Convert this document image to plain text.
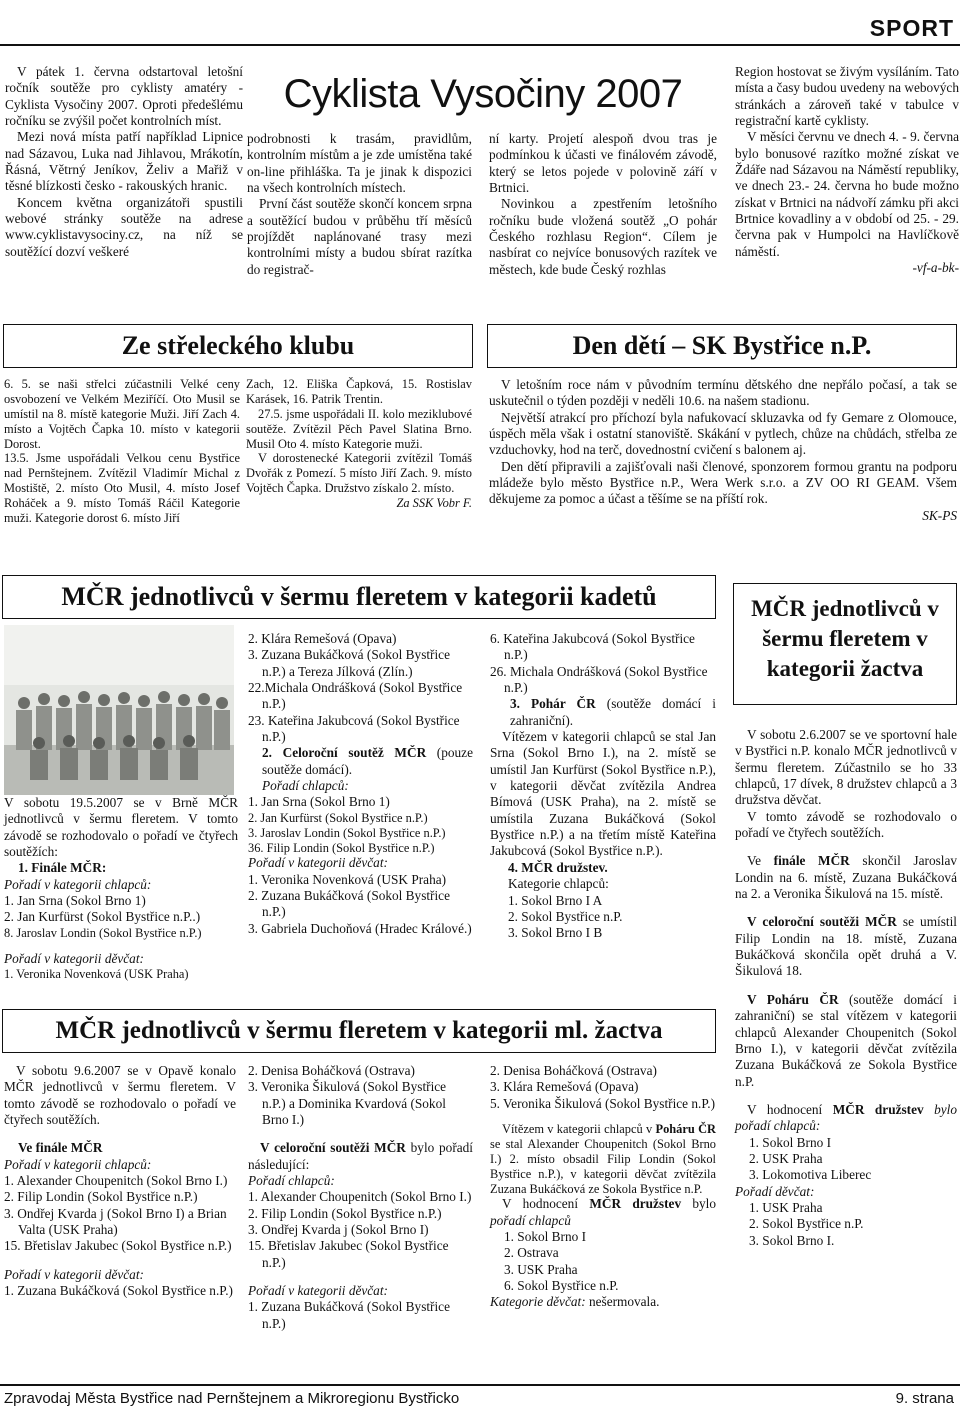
SPORT
Cyklista Vysočiny 2007

V pátek 1. června odstartoval letošní ročník soutěže pro cyklisty amatéry - Cyklista Vysočiny 2007. Oproti předešlému ročníku se zvýšil počet kontrolních míst.

Mezi nová místa patří například Lipnice nad Sázavou, Luka nad Jihlavou, Mrákotín, Řásná, Větrný Jeníkov, Želiv a Mařiž v těsné blízkosti česko - rakouských hranic.

Koncem května organizátoři spustili webové stránky soutěže na adrese www.cyklistavysociny.cz, na níž se soutěžící dozví veškeré

podrobnosti k trasám, pravidlům, kontrolním místům a je zde umístěna také on-line přihláška. Ta je jinak k dispozici na všech kontrolních místech.

První část soutěže skončí koncem srpna a soutěžící budou v průběhu tří měsíců projíždět naplánované trasy mezi kontrolními místy a budou sbírat razítka do registrač-

ní karty. Projetí alespoň dvou tras je podmínkou k účasti ve finálovém závodě, který se letos pojede v polovině září v Brtnici.

Novinkou a zpestřením letošního ročníku bude vložená soutěž „O pohár Českého rozhlasu Region“. Cílem je nasbírat co nejvíce bonusových razítek ve městech, kde bude Český rozhlas

Region hostovat se živým vysíláním. Tato místa a časy budou uvedeny na webových stránkách a zároveň také v tabulce v registrační kartě cyklisty.

V měsíci červnu ve dnech 4. - 9. června bylo bonusové razítko možné získat ve Ždáře nad Sázavou na Náměstí republiky, ve dnech 23.- 24. června ho bude možno získat v Brtnici na nádvoří zámku při akci Brtnice kovadliny a v období od 25. - 29. června pak v Humpolci na Havlíčkově náměstí.

-vf-a-bk-

Ze střeleckého klubu

6. 5. se naši střelci zúčastnili Velké ceny osvobození ve Velkém Meziříčí. Oto Musil se umístil na 8. místě kategorie Muži. Jiří Zach 4. místo a Vojtěch Čapka 10. místo v kategorii Dorost.

13.5. Jsme uspořádali Velkou cenu Bystřice nad Pernštejnem. Zvítězil Vladimír Michal z Mostiště, 2. místo Oto Musil, 4. místo Josef Roháček a 9. místo Tomáš Ráčil Kategorie muži. Kategorie dorost 6. místo Jiří

Zach, 12. Eliška Čapková, 15. Rostislav Karásek, 16. Patrik Trentin.

27.5. jsme uspořádali II. kolo meziklubové soutěže. Zvítězil Pěch Pavel Slatina Brno. Musil Oto 4. místo Kategorie muži.

V dorostenecké Kategorii zvítězil Tomáš Dvořák z Pomezí. 5 místo Jiří Zach. 9. místo Vojtěch Čapka. Družstvo získalo 2. místo.

Za SSK Vobr F.

Den dětí – SK Bystřice n.P.

V letošním roce nám v původním termínu dětského dne nepřálo počasí, a tak se uskutečnil o týden později v neděli 10.6. na našem stadionu.

Největší atrakcí pro příchozí byla nafukovací skluzavka od fy Gemare z Olomouce, úspěch měla však i ostatní stanoviště. Skákání v pytlech, chůze na chůdách, střelba ze vzduchovky, hod na terč, dovednostní cvičení s balonem aj.

Den dětí připravili a zajišťovali naši členové, sponzorem formou grantu na podporu mládeže bylo město Bystřice n.P., Wera Werk s.r.o. a ZV OO RI GEAM. Všem děkujeme za pomoc a účast a těšíme se na příští rok.

SK-PS

MČR jednotlivců v šermu fleretem v kategorii kadetů

V sobotu 19.5.2007 se v Brně MČR jednotlivců v šermu fleretem. V tomto závodě se rozhodovalo o pořadí ve čtyřech soutěžích:

1. Finále MČR:

Pořadí v kategorii chlapců:

1. Jan Srna (Sokol Brno 1)

2. Jan Kurfürst (Sokol Bystřice n.P..)

8. Jaroslav Londin (Sokol Bystřice n.P.)

Pořadí v kategorii děvčat:

1. Veronika Novenková (USK Praha)

2. Klára Remešová (Opava)

3. Zuzana Bukáčková (Sokol Bystřice n.P.) a Tereza Jílková (Zlín.)

22.Michala Ondrášková (Sokol Bystřice n.P.)

23. Kateřina Jakubcová (Sokol Bystřice n.P.)

2. Celoroční soutěž MČR (pouze soutěže domácí).

Pořadí chlapců:

1. Jan Srna (Sokol Brno 1)

2. Jan Kurfürst (Sokol Bystřice n.P.)

3. Jaroslav Londin (Sokol Bystřice n.P.)

36. Filip Londin (Sokol Bystřice n.P.)

Pořadí v kategorii děvčat:

1. Veronika Novenková (USK Praha)

2. Zuzana Bukáčková (Sokol Bystřice n.P.)

3. Gabriela Duchoňová (Hradec Králové.)

6. Kateřina Jakubcová (Sokol Bystřice n.P.)

26. Michala Ondrášková (Sokol Bystřice n.P.)

3. Pohár ČR (soutěže domácí i zahraniční).

Vítězem v kategorii chlapců se stal Jan Srna (Sokol Brno I.), na 2. místě se umístil Jan Kurfürst (Sokol Bystřice n.P.), v kategorii děvčat zvítězila Andrea Bímová (USK Praha), na 2. místě se umístila Zuzana Bukáčková (Sokol Bystřice n.P.) a na třetím místě Kateřina Jakubcová (Sokol Bystřice n.P.).

4. MČR družstev.

Kategorie chlapců:

1. Sokol Brno I A

2. Sokol Bystřice n.P.

3. Sokol Brno I B

MČR jednotlivců v šermu fleretem v kategorii žactva

V sobotu 2.6.2007 se ve sportovní hale v Bystřici n.P. konalo MČR jednotlivců v šermu fleretem. Zúčastnilo se ho 33 chlapců, 17 dívek, 8 družstev chlapců a 3 družstva děvčat.

V tomto závodě se rozhodovalo o pořadí ve čtyřech soutěžích.

Ve finále MČR skončil Jaroslav Londin na 6. místě, Zuzana Bukáčková na 2. a Veronika Šikulová na 15. místě.

V celoroční soutěži MČR se umístil Filip Londin na 18. místě, Zuzana Bukáčková skončila opět druhá a V. Šikulová 18.

V Poháru ČR (soutěže domácí i zahraniční) se stal vítězem v kategorii chlapců Alexander Choupenitch (Sokol Brno I.), v kategorii děvčat zvítězila Zuzana Bukáčková ze Sokola Bystřice n.P.

V hodnocení MČR družstev bylo pořadí chlapců:

1. Sokol Brno I

2. USK Praha

3. Lokomotiva Liberec

Pořadí děvčat:

1. USK Praha

2. Sokol Bystřice n.P.

3. Sokol Brno I.

MČR jednotlivců v šermu fleretem v kategorii ml. žactva

V sobotu 9.6.2007 se v Opavě konalo MČR jednotlivců v šermu fleretem. V tomto závodě se rozhodovalo o pořadí ve čtyřech soutěžích.

Ve finále MČR

Pořadí v kategorii chlapců:

1. Alexander Choupenitch (Sokol Brno I.)

2. Filip Londin (Sokol Bystřice n.P.)

3. Ondřej Kvarda j (Sokol Brno I) a Brian Valta (USK Praha)

15. Břetislav Jakubec (Sokol Bystřice n.P.)

Pořadí v kategorii děvčat:

1. Zuzana Bukáčková (Sokol Bystřice n.P.)

2. Denisa Boháčková (Ostrava)

3. Veronika Šikulová (Sokol Bystřice n.P.) a Dominika Kvardová (Sokol Brno I.)

V celoroční soutěži MČR bylo pořadí následující:

Pořadí chlapců:

1. Alexander Choupenitch (Sokol Brno I.)

2. Filip Londin (Sokol Bystřice n.P.)

3. Ondřej Kvarda j (Sokol Brno I)

15. Břetislav Jakubec (Sokol Bystřice n.P.)

Pořadí v kategorii děvčat:

1. Zuzana Bukáčková (Sokol Bystřice n.P.)

2. Denisa Boháčková (Ostrava)

3. Klára Remešová (Opava)

5. Veronika Šikulová (Sokol Bystřice n.P.)

Vítězem v kategorii chlapců v Poháru ČR se stal Alexander Choupenitch (Sokol Brno I.) 2. místo obsadil Filip Londin (Sokol Bystřice n.P.), v kategorii děvčat zvítězila Zuzana Bukáčková ze Sokola Bystřice n.P.

V hodnocení MČR družstev bylo pořadí chlapců

1. Sokol Brno I

2. Ostrava

3. USK Praha

6. Sokol Bystřice n.P.

Kategorie děvčat: nešermovala.

Zpravodaj Města Bystřice nad Pernštejnem a Mikroregionu Bystřicko	9. strana
